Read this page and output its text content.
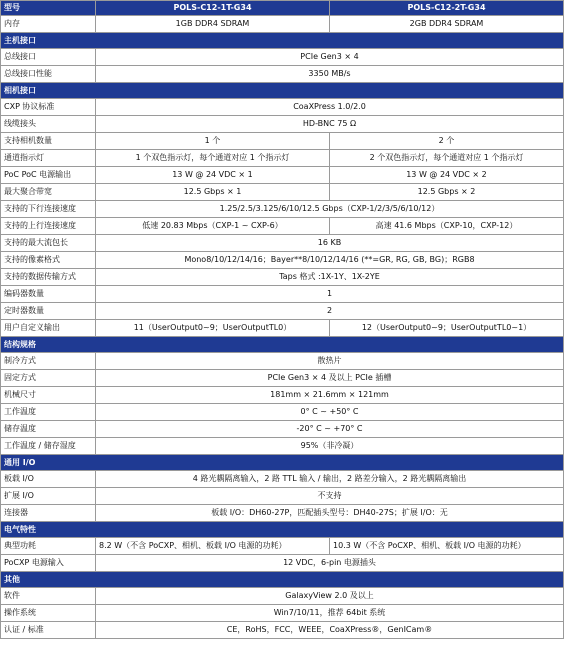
型号	POLS-C12-1T-G34	POLS-C12-2T-G34
内存	1GB DDR4 SDRAM	2GB DDR4 SDRAM
主机接口		
总线接口	PCIe Gen3 × 4	
总线接口性能	3350 MB/s	
相机接口		
CXP 协议标准	CoaXPress 1.0/2.0	
线缆接头	HD-BNC 75 Ω	
支持相机数量	1 个	2 个
通道指示灯	1 个双色指示灯，每个通道对应 1 个指示灯	2 个双色指示灯，每个通道对应 1 个指示灯
PoC PoC 电源输出	13 W @ 24 VDC × 1	13 W @ 24 VDC × 2
最大聚合带宽	12.5 Gbps × 1	12.5 Gbps × 2
支持的下行连接速度	1.25/2.5/3.125/6/10/12.5 Gbps（CXP-1/2/3/5/6/10/12）	
支持的上行连接速度	低速 20.83 Mbps（CXP-1 ~ CXP-6）	高速 41.6 Mbps（CXP-10，CXP-12）
支持的最大流包长	16 KB	
支持的像素格式	Mono8/10/12/14/16；Bayer**8/10/12/14/16 (**=GR, RG, GB, BG)；RGB8	
支持的数据传输方式	Taps 格式 :1X-1Y、1X-2YE	
编码器数量	1	
定时器数量	2	
用户自定义输出	11（UserOutput0~9；UserOutputTL0）	12（UserOutput0~9；UserOutputTL0~1）
结构规格		
制冷方式	散热片	
固定方式	PCIe Gen3 × 4 及以上 PCIe 插槽	
机械尺寸	181mm × 21.6mm × 121mm	
工作温度	0° C ~ +50° C	
储存温度	-20° C ~ +70° C	
工作温度 / 储存湿度	95%（非冷凝）	
通用 I/O		
板载 I/O	4 路光耦隔离输入，2 路 TTL 输入 / 输出，2 路差分输入，2 路光耦隔离输出	
扩展 I/O	不支持	
连接器	板载 I/O：DH60-27P，匹配插头型号：DH40-27S；扩展 I/O：无	
电气特性		
典型功耗	8.2 W（不含 PoCXP、相机、板载 I/O 电源的功耗）	10.3 W（不含 PoCXP、相机、板载 I/O 电源的功耗）
PoCXP 电源输入	12 VDC，6-pin 电源插头	
其他		
软件	GalaxyView 2.0 及以上	
操作系统	Win7/10/11，推荐 64bit 系统	
认证 / 标准	CE，RoHS，FCC，WEEE，CoaXPress®，GenICam®	
